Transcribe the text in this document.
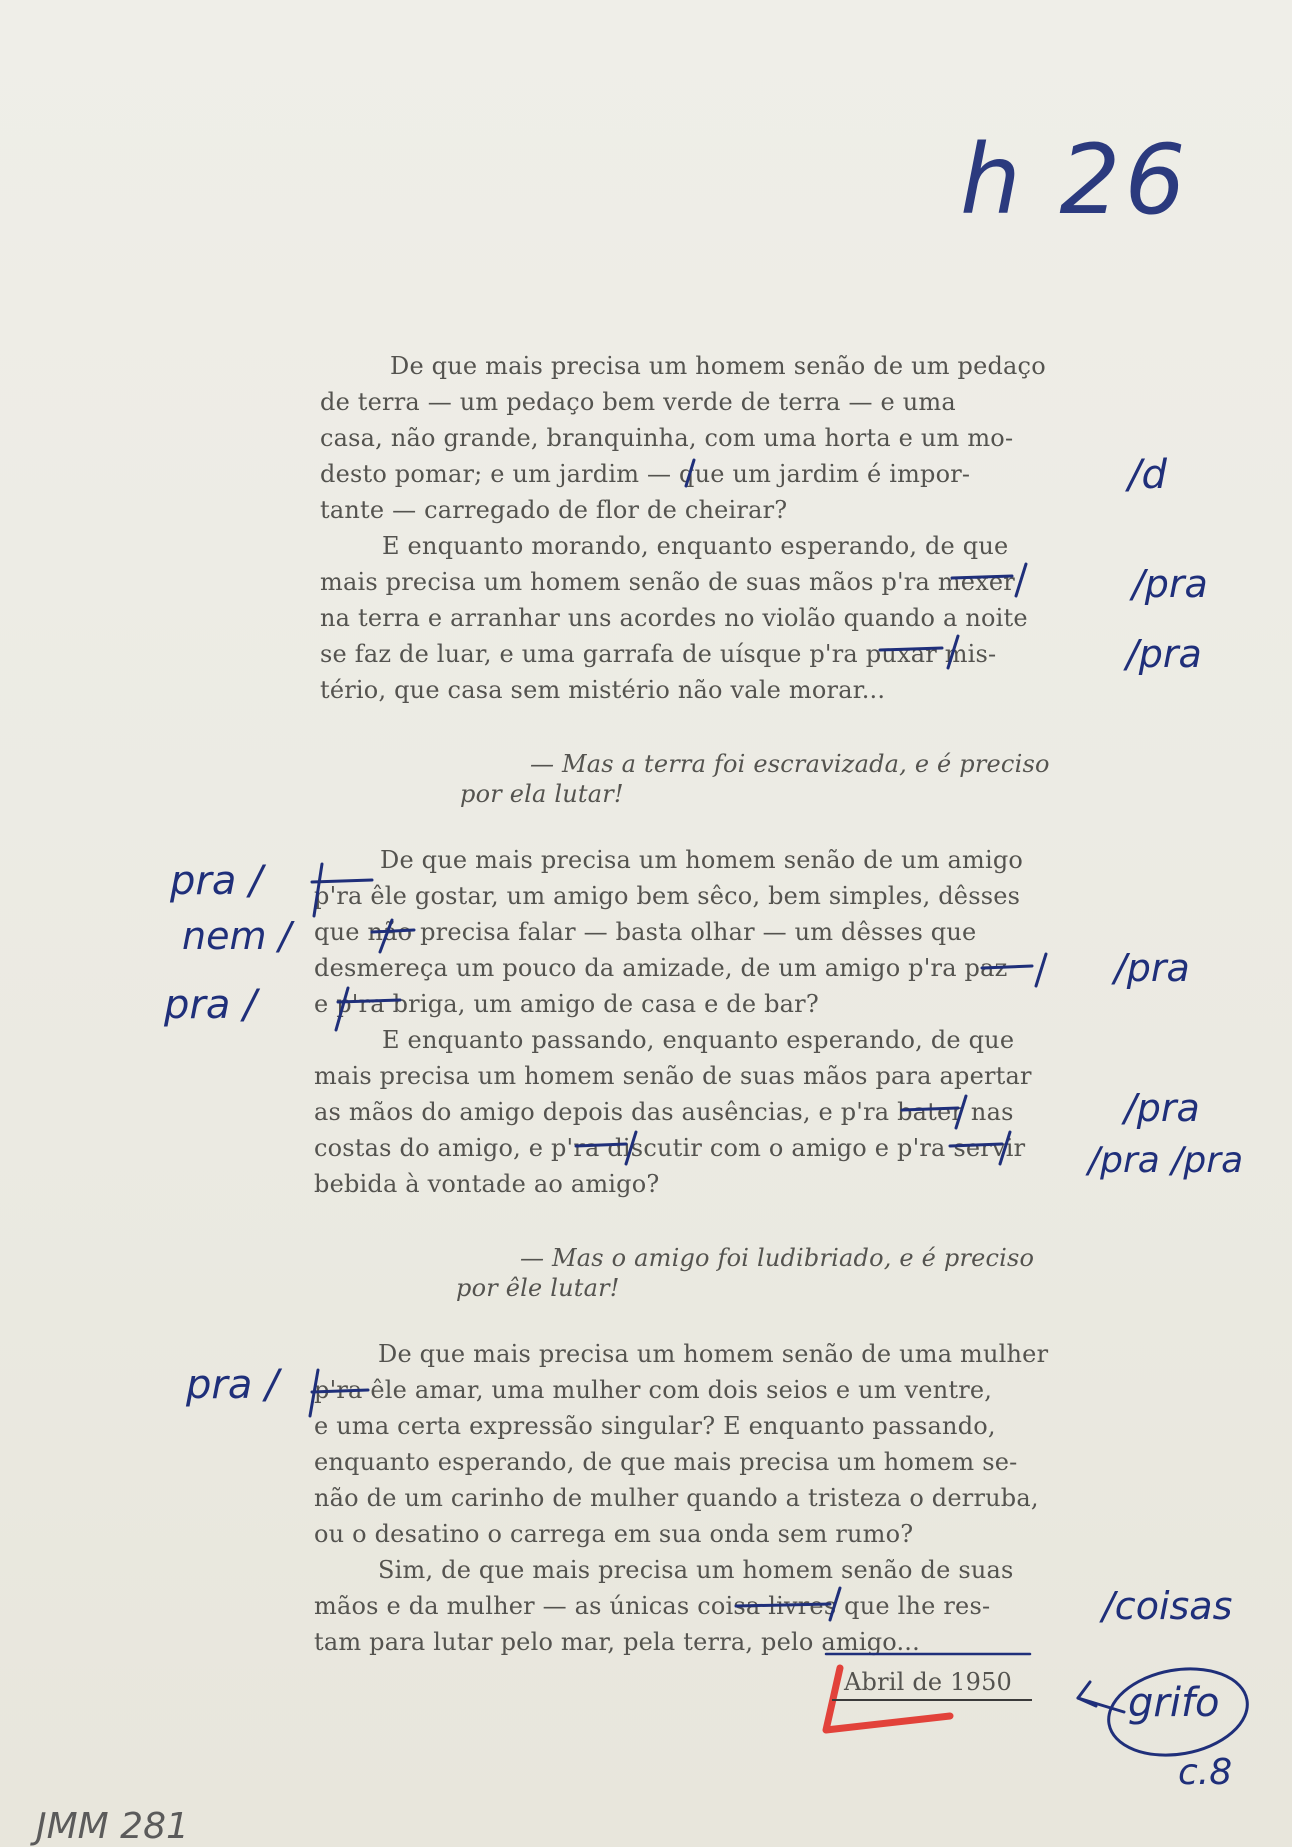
h 26
De que mais precisa um homem senão de um pedaço
de terra — um pedaço bem verde de terra — e uma
casa, não grande, branquinha, com uma horta e um mo-
desto pomar; e um jardim — que um jardim é impor-
tante — carregado de flor de cheirar?
E enquanto morando, enquanto esperando, de que
mais precisa um homem senão de suas mãos p'ra mexer
na terra e arranhar uns acordes no violão quando a noite
se faz de luar, e uma garrafa de uísque p'ra puxar mis-
tério, que casa sem mistério não vale morar...
— Mas a terra foi escravizada, e é preciso
por ela lutar!
De que mais precisa um homem senão de um amigo
p'ra êle gostar, um amigo bem sêco, bem simples, dêsses
que não precisa falar — basta olhar — um dêsses que
desmereça um pouco da amizade, de um amigo p'ra paz
e p'ra briga, um amigo de casa e de bar?
E enquanto passando, enquanto esperando, de que
mais precisa um homem senão de suas mãos para apertar
as mãos do amigo depois das ausências, e p'ra bater nas
costas do amigo, e p'ra discutir com o amigo e p'ra servir
bebida à vontade ao amigo?
— Mas o amigo foi ludibriado, e é preciso
por êle lutar!
De que mais precisa um homem senão de uma mulher
p'ra êle amar, uma mulher com dois seios e um ventre,
e uma certa expressão singular? E enquanto passando,
enquanto esperando, de que mais precisa um homem se-
não de um carinho de mulher quando a tristeza o derruba,
ou o desatino o carrega em sua onda sem rumo?
Sim, de que mais precisa um homem senão de suas
mãos e da mulher — as únicas coisa livres que lhe res-
tam para lutar pelo mar, pela terra, pelo amigo...
Abril de 1950
/d
/pra
/pra
/pra
/pra
/pra /pra
/coisas
pra /
nem /
pra /
pra /
grifo
c.8
JMM 281
